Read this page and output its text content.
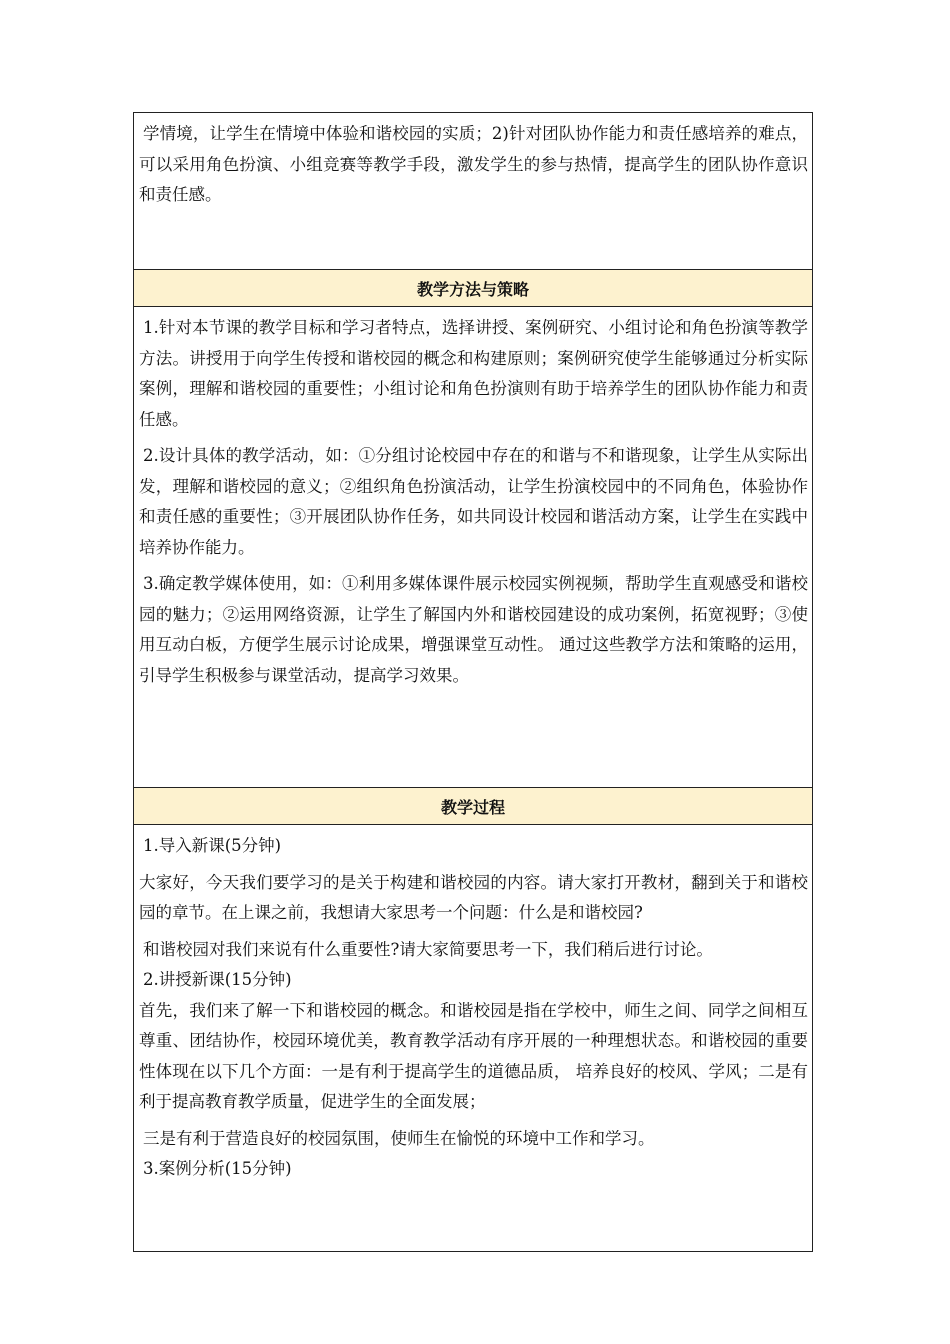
学情境，让学生在情境中体验和谐校园的实质；2)针对团队协作能力和责任感培养的难点，可以采用角色扮演、小组竞赛等教学手段，激发学生的参与热情，提高学生的团队协作意识和责任感。

教学方法与策略

1.针对本节课的教学目标和学习者特点，选择讲授、案例研究、小组讨论和角色扮演等教学方法。讲授用于向学生传授和谐校园的概念和构建原则；案例研究使学生能够通过分析实际案例，理解和谐校园的重要性；小组讨论和角色扮演则有助于培养学生的团队协作能力和责任感。

2.设计具体的教学活动，如：①分组讨论校园中存在的和谐与不和谐现象，让学生从实际出发，理解和谐校园的意义；②组织角色扮演活动，让学生扮演校园中的不同角色，体验协作和责任感的重要性；③开展团队协作任务，如共同设计校园和谐活动方案，让学生在实践中培养协作能力。

3.确定教学媒体使用，如：①利用多媒体课件展示校园实例视频，帮助学生直观感受和谐校园的魅力；②运用网络资源，让学生了解国内外和谐校园建设的成功案例，拓宽视野；③使用互动白板，方便学生展示讨论成果，增强课堂互动性。 通过这些教学方法和策略的运用，引导学生积极参与课堂活动，提高学习效果。

教学过程

1.导入新课(5分钟)

大家好，今天我们要学习的是关于构建和谐校园的内容。请大家打开教材，翻到关于和谐校园的章节。在上课之前，我想请大家思考一个问题：什么是和谐校园?

和谐校园对我们来说有什么重要性?请大家简要思考一下，我们稍后进行讨论。

2.讲授新课(15分钟)

首先，我们来了解一下和谐校园的概念。和谐校园是指在学校中，师生之间、同学之间相互尊重、团结协作，校园环境优美，教育教学活动有序开展的一种理想状态。和谐校园的重要性体现在以下几个方面：一是有利于提高学生的道德品质， 培养良好的校风、学风；二是有利于提高教育教学质量，促进学生的全面发展；

三是有利于营造良好的校园氛围，使师生在愉悦的环境中工作和学习。

3.案例分析(15分钟)
